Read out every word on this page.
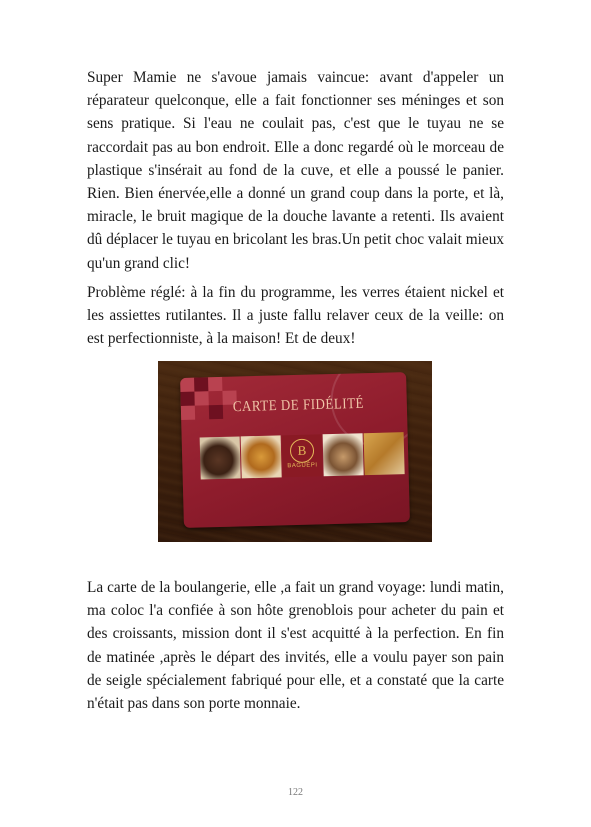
Super Mamie ne s'avoue jamais vaincue: avant d'appeler un réparateur quelconque, elle a fait fonctionner ses méninges et son sens pratique. Si l'eau ne coulait pas, c'est que le tuyau ne se raccordait pas au bon endroit. Elle a donc regardé où le morceau de plastique s'insérait au fond de la cuve, et elle a poussé le panier. Rien. Bien énervée,elle a donné un grand coup dans la porte, et là, miracle, le bruit magique de la douche lavante a retenti. Ils avaient dû déplacer le tuyau en bricolant les bras.Un petit choc valait mieux qu'un grand clic!

Problème réglé: à la fin du programme, les verres étaient nickel et les assiettes rutilantes. Il a juste fallu relaver ceux de la veille: on est perfectionniste, à la maison! Et de deux!

CARTE DE FIDÉLITÉ
B
BAGUÉPI

La carte de la boulangerie, elle ,a fait un grand voyage: lundi matin, ma coloc l'a confiée à son hôte grenoblois pour acheter du pain et des croissants, mission dont il s'est acquitté à la perfection. En fin de matinée ,après le départ des invités, elle a voulu payer son pain de seigle spécialement fabriqué pour elle, et a constaté que la carte n'était pas dans son porte monnaie.

122
